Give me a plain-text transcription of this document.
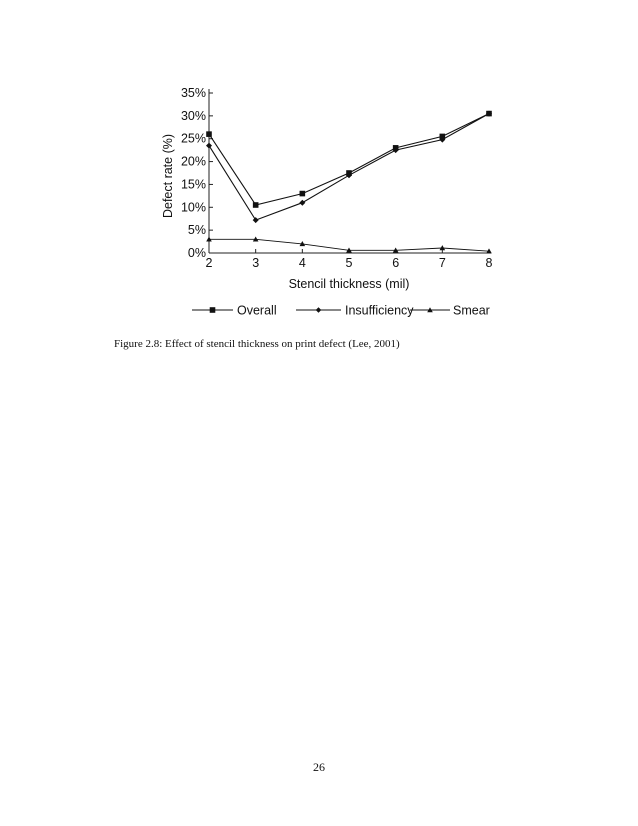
0%
5%
10%
15%
20%
25%
30%
35%
2	3	4	5	6	7	8
Overall	Insufficiency	Smear
Stencil thickness (mil)
Defect rate (%)
Figure 2.8: Effect of stencil thickness on print defect (Lee, 2001)
26
